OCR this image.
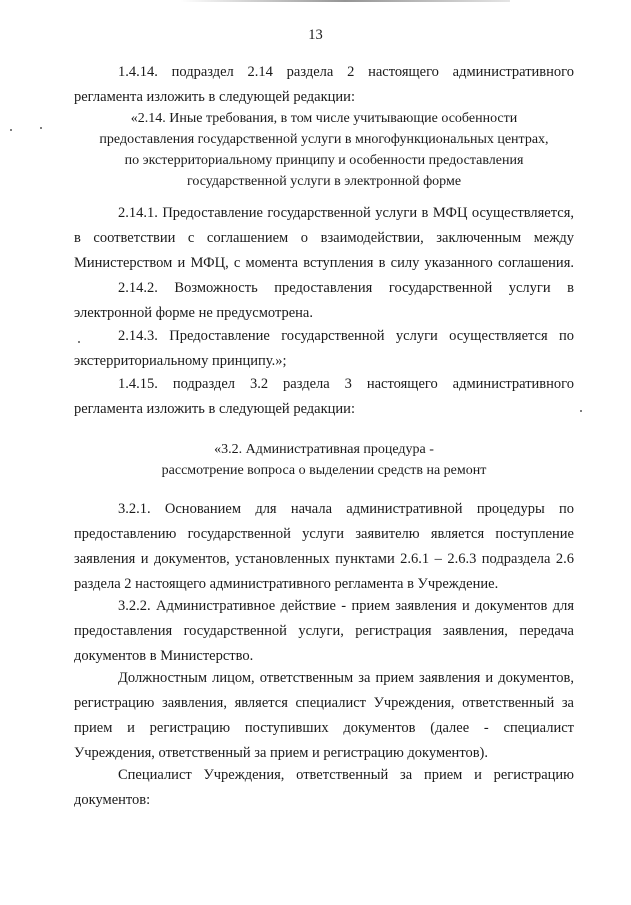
13
1.4.14. подраздел 2.14 раздела 2 настоящего административного
регламента изложить в следующей редакции:
«2.14. Иные требования, в том числе учитывающие особенности
предоставления государственной услуги в многофункциональных центрах,
по экстерриториальному принципу и особенности предоставления
государственной услуги в электронной форме
2.14.1. Предоставление государственной услуги в МФЦ осуществляется,
в соответствии с соглашением о взаимодействии, заключенным между
Министерством и МФЦ, с момента вступления в силу указанного соглашения.
2.14.2. Возможность предоставления государственной услуги в
электронной форме не предусмотрена.
2.14.3. Предоставление государственной услуги осуществляется по
экстерриториальному принципу.»;
1.4.15. подраздел 3.2 раздела 3 настоящего административного
регламента изложить в следующей редакции:
«3.2. Административная процедура -
рассмотрение вопроса о выделении средств на ремонт
3.2.1. Основанием для начала административной процедуры по
предоставлению государственной услуги заявителю является поступление
заявления и документов, установленных пунктами 2.6.1 – 2.6.3 подраздела 2.6
раздела 2 настоящего административного регламента в Учреждение.
3.2.2. Административное действие - прием заявления и документов для
предоставления государственной услуги, регистрация заявления, передача
документов в Министерство.
Должностным лицом, ответственным за прием заявления и документов,
регистрацию заявления, является специалист Учреждения, ответственный за
прием и регистрацию поступивших документов (далее - специалист
Учреждения, ответственный за прием и регистрацию документов).
Специалист Учреждения, ответственный за прием и регистрацию
документов:
